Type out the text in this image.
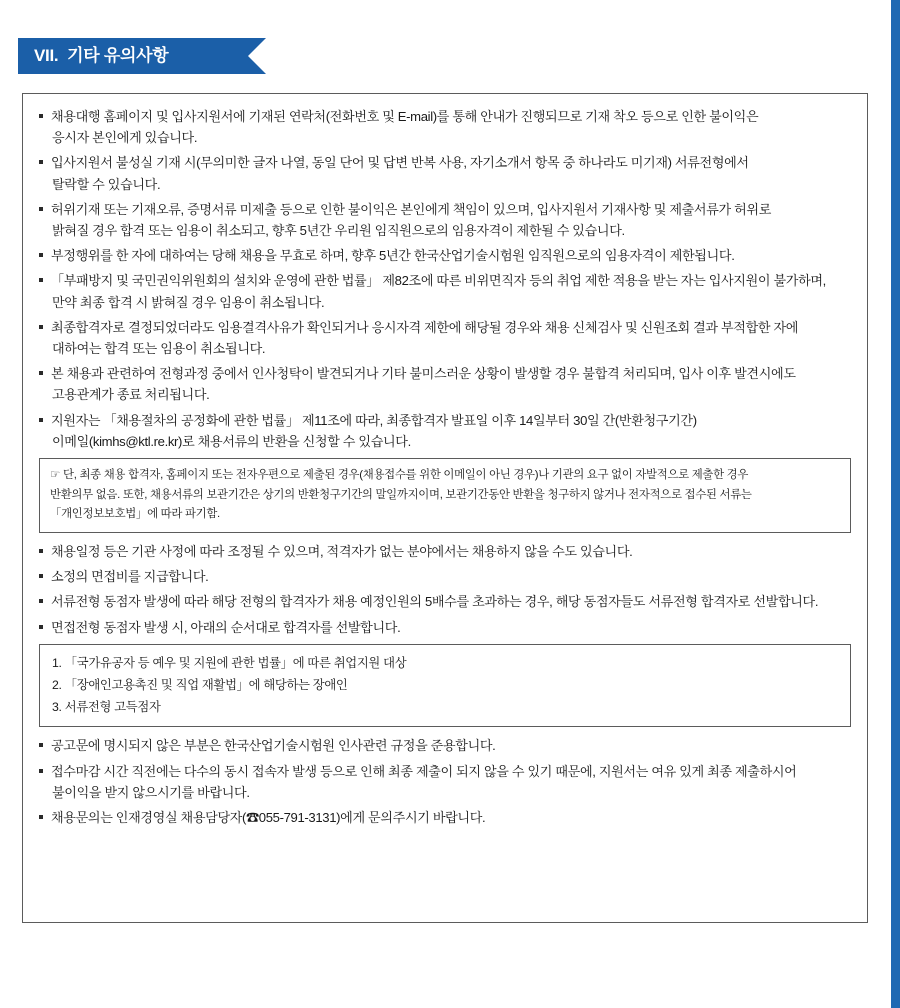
VII. 기타 유의사항
채용대행 홈페이지 및 입사지원서에 기재된 연락처(전화번호 및 E-mail)를 통해 안내가 진행되므로 기재 착오 등으로 인한 불이익은
응시자 본인에게 있습니다.
입사지원서 불성실 기재 시(무의미한 글자 나열, 동일 단어 및 답변 반복 사용, 자기소개서 항목 중 하나라도 미기재) 서류전형에서
탈락할 수 있습니다.
허위기재 또는 기재오류, 증명서류 미제출 등으로 인한 불이익은 본인에게 책임이 있으며, 입사지원서 기재사항 및 제출서류가 허위로
밝혀질 경우 합격 또는 임용이 취소되고, 향후 5년간 우리원 임직원으로의 임용자격이 제한될 수 있습니다.
부정행위를 한 자에 대하여는 당해 채용을 무효로 하며, 향후 5년간 한국산업기술시험원 임직원으로의 임용자격이 제한됩니다.
「부패방지 및 국민권익위원회의 설치와 운영에 관한 법률」 제82조에 따른 비위면직자 등의 취업 제한 적용을 받는 자는 입사지원이 불가하며,
만약 최종 합격 시 밝혀질 경우 임용이 취소됩니다.
최종합격자로 결정되었더라도 임용결격사유가 확인되거나 응시자격 제한에 해당될 경우와 채용 신체검사 및 신원조회 결과 부적합한 자에
대하여는 합격 또는 임용이 취소됩니다.
본 채용과 관련하여 전형과정 중에서 인사청탁이 발견되거나 기타 불미스러운 상황이 발생할 경우 불합격 처리되며, 입사 이후 발견시에도
고용관계가 종료 처리됩니다.
지원자는 「채용절차의 공정화에 관한 법률」 제11조에 따라, 최종합격자 발표일 이후 14일부터 30일 간(반환청구기간)
이메일(kimhs@ktl.re.kr)로 채용서류의 반환을 신청할 수 있습니다.
☞ 단, 최종 채용 합격자, 홈페이지 또는 전자우편으로 제출된 경우(채용접수를 위한 이메일이 아닌 경우)나 기관의 요구 없이 자발적으로 제출한 경우
반환의무 없음. 또한, 채용서류의 보관기간은 상기의 반환청구기간의 말일까지이며, 보관기간동안 반환을 청구하지 않거나 전자적으로 접수된 서류는
「개인정보보호법」에 따라 파기함.
채용일정 등은 기관 사정에 따라 조정될 수 있으며, 적격자가 없는 분야에서는 채용하지 않을 수도 있습니다.
소정의 면접비를 지급합니다.
서류전형 동점자 발생에 따라 해당 전형의 합격자가 채용 예정인원의 5배수를 초과하는 경우, 해당 동점자들도 서류전형 합격자로 선발합니다.
면접전형 동점자 발생 시, 아래의 순서대로 합격자를 선발합니다.
1. 「국가유공자 등 예우 및 지원에 관한 법률」에 따른 취업지원 대상
2. 「장애인고용촉진 및 직업 재활법」에 해당하는 장애인
3. 서류전형 고득점자
공고문에 명시되지 않은 부분은 한국산업기술시험원 인사관련 규정을 준용합니다.
접수마감 시간 직전에는 다수의 동시 접속자 발생 등으로 인해 최종 제출이 되지 않을 수 있기 때문에, 지원서는 여유 있게 최종 제출하시어
불이익을 받지 않으시기를 바랍니다.
채용문의는 인재경영실 채용담당자(☎055-791-3131)에게 문의주시기 바랍니다.
